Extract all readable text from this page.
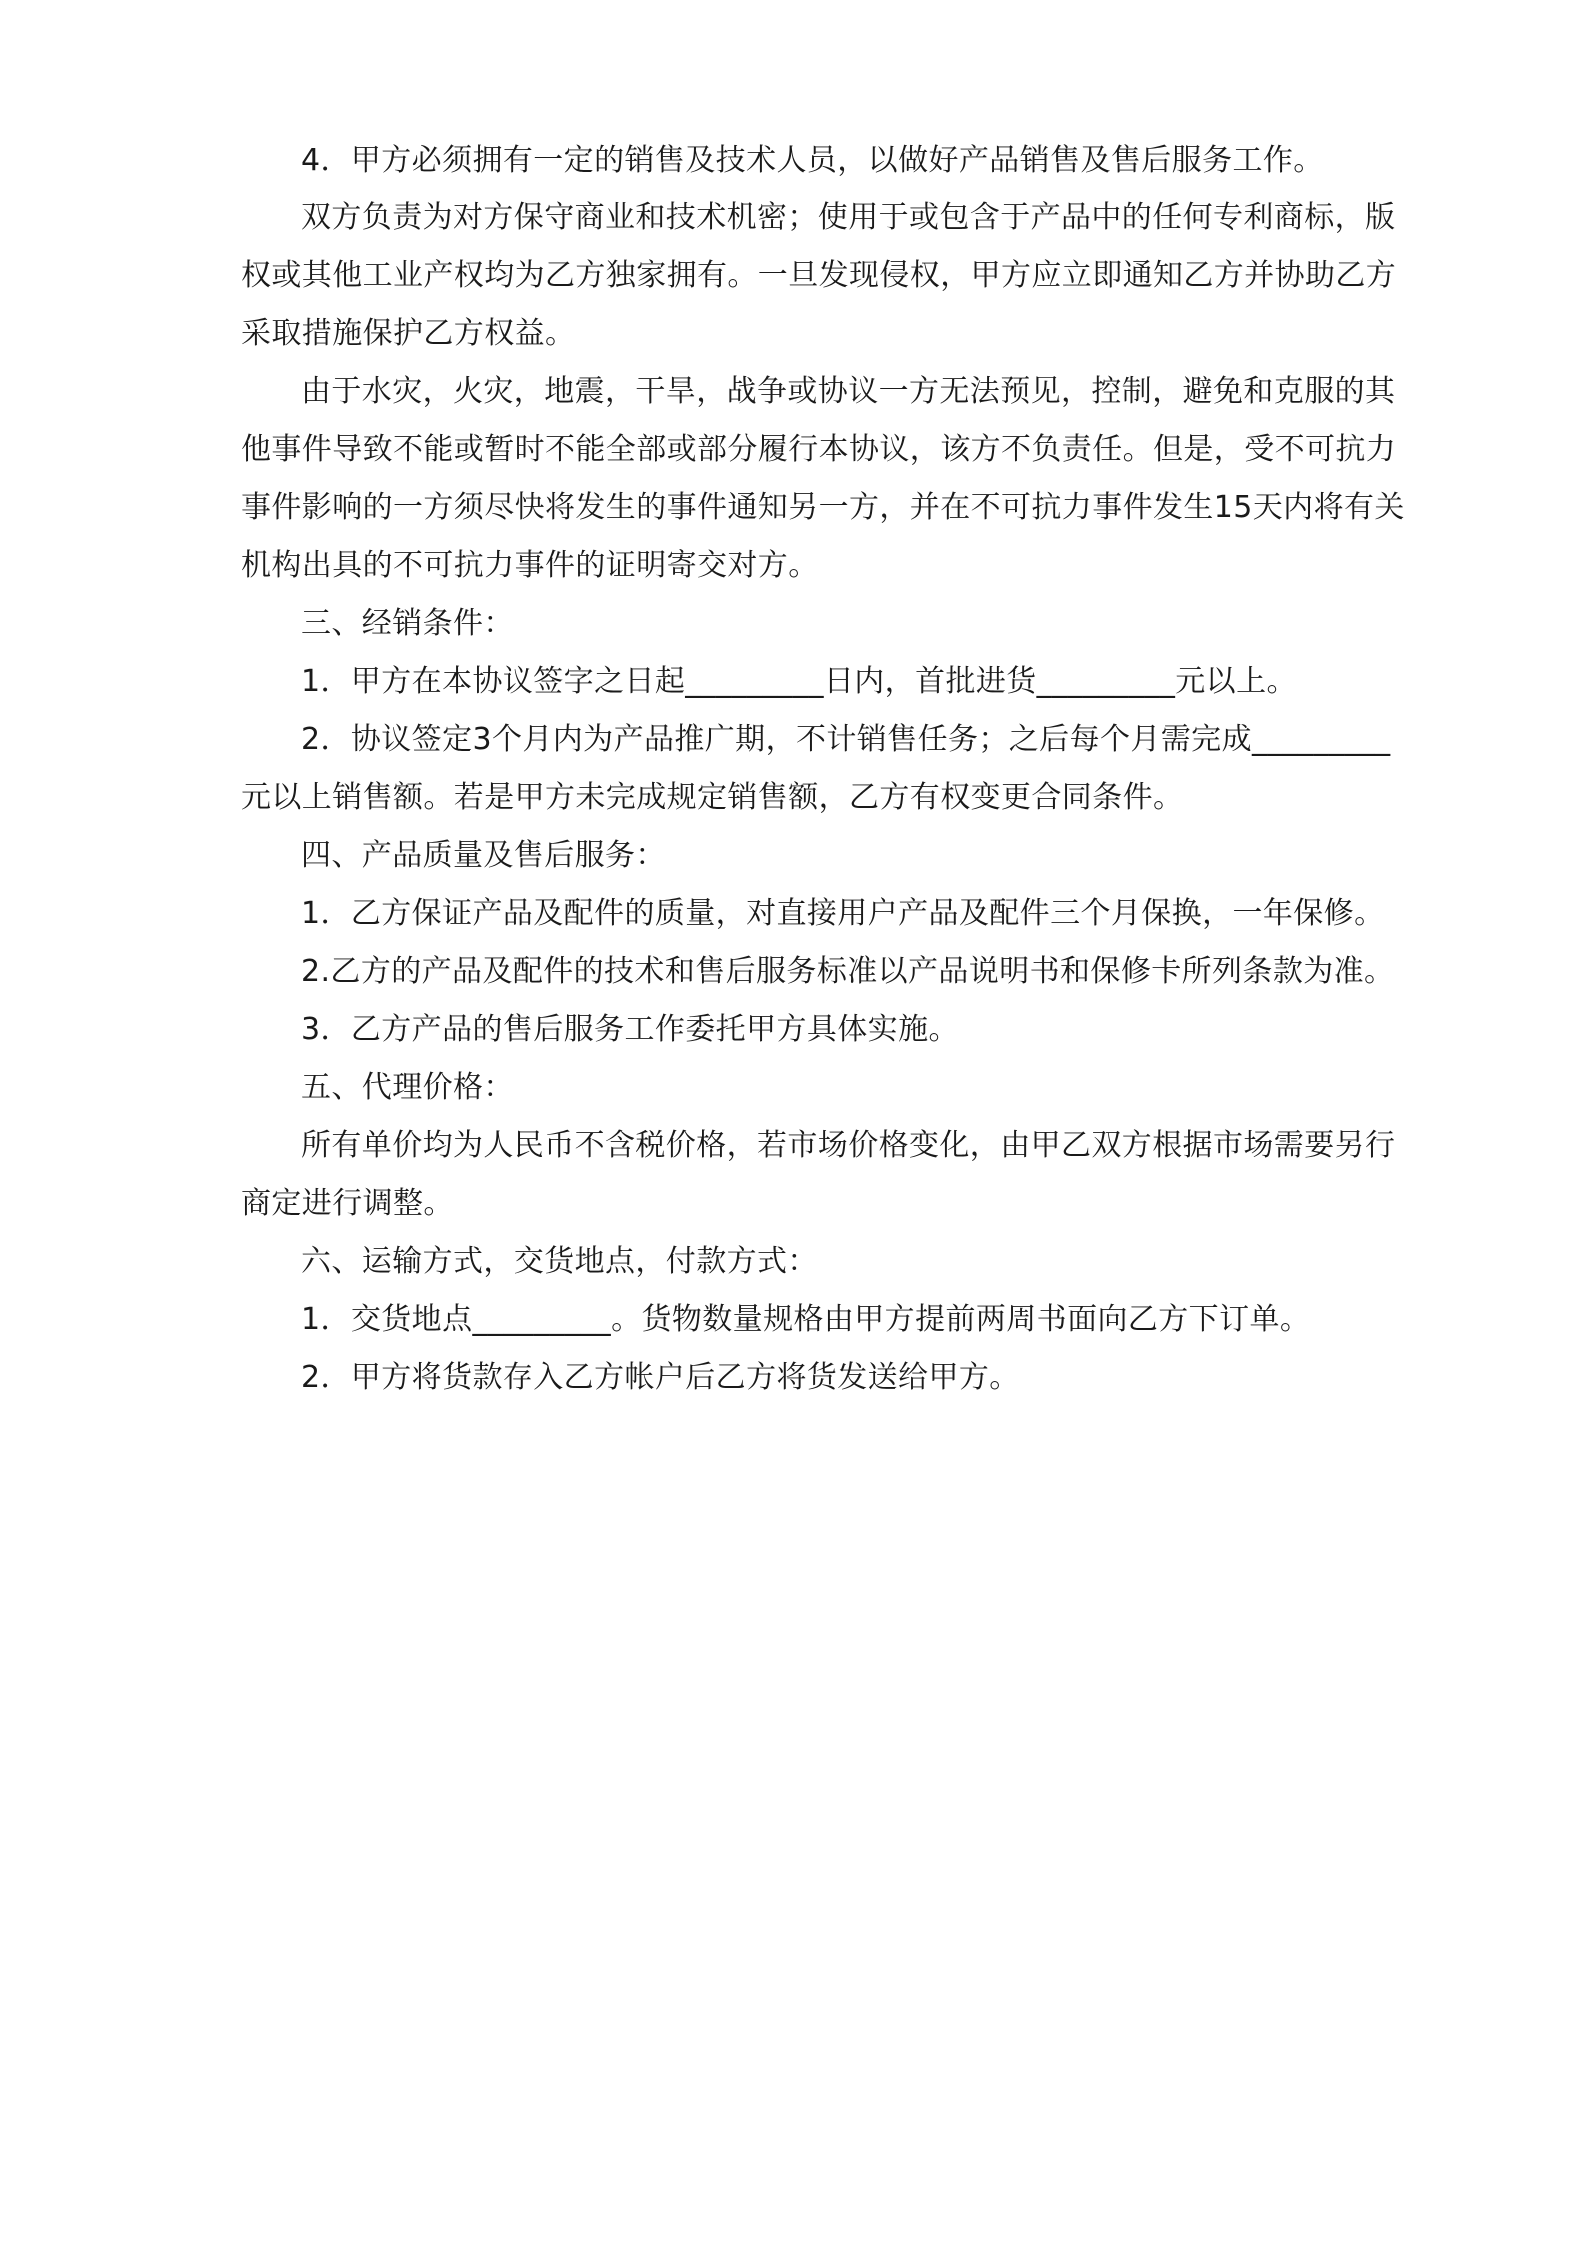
4．甲方必须拥有一定的销售及技术人员，以做好产品销售及售后服务工作。
双方负责为对方保守商业和技术机密；使用于或包含于产品中的任何专利商标，版
权或其他工业产权均为乙方独家拥有。一旦发现侵权，甲方应立即通知乙方并协助乙方
采取措施保护乙方权益。
由于水灾，火灾，地震，干旱，战争或协议一方无法预见，控制，避免和克服的其
他事件导致不能或暂时不能全部或部分履行本协议，该方不负责任。但是，受不可抗力
事件影响的一方须尽快将发生的事件通知另一方，并在不可抗力事件发生15天内将有关
机构出具的不可抗力事件的证明寄交对方。
三、经销条件：
1．甲方在本协议签字之日起_________日内，首批进货_________元以上。
2．协议签定3个月内为产品推广期，不计销售任务；之后每个月需完成_________
元以上销售额。若是甲方未完成规定销售额，乙方有权变更合同条件。
四、产品质量及售后服务：
1．乙方保证产品及配件的质量，对直接用户产品及配件三个月保换，一年保修。
2.乙方的产品及配件的技术和售后服务标准以产品说明书和保修卡所列条款为准。
3．乙方产品的售后服务工作委托甲方具体实施。
五、代理价格：
所有单价均为人民币不含税价格，若市场价格变化，由甲乙双方根据市场需要另行
商定进行调整。
六、运输方式，交货地点，付款方式：
1．交货地点_________。货物数量规格由甲方提前两周书面向乙方下订单。
2．甲方将货款存入乙方帐户后乙方将货发送给甲方。
